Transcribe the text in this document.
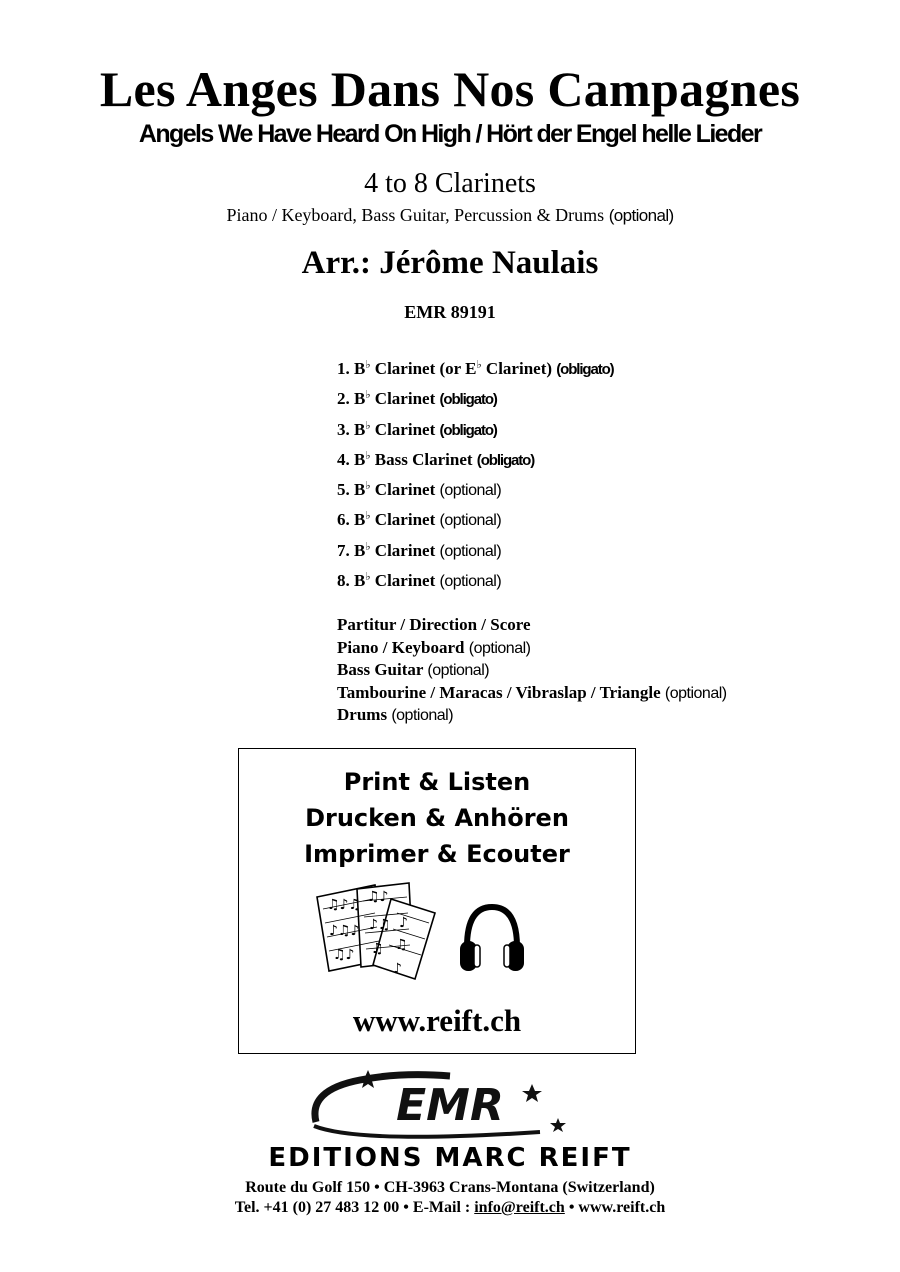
Les Anges Dans Nos Campagnes
Angels We Have Heard On High / Hört der Engel helle Lieder
4 to 8 Clarinets
Piano / Keyboard, Bass Guitar, Percussion & Drums (optional)
Arr.: Jérôme Naulais
EMR 89191
1. B♭ Clarinet (or E♭ Clarinet) (obligato)
2. B♭ Clarinet (obligato)
3. B♭ Clarinet (obligato)
4. B♭ Bass Clarinet (obligato)
5. B♭ Clarinet (optional)
6. B♭ Clarinet (optional)
7. B♭ Clarinet (optional)
8. B♭ Clarinet (optional)
Partitur / Direction / Score
Piano / Keyboard (optional)
Bass Guitar (optional)
Tambourine / Maracas / Vibraslap / Triangle (optional)
Drums (optional)
Print & Listen
Drucken & Anhören
Imprimer & Ecouter
♫♪♫
♪♫♪
♫♪
♫♪
♪♫
♫
♪
♫
♪
www.reift.ch
EMR
EDITIONS MARC REIFT
Route du Golf 150 • CH-3963 Crans-Montana (Switzerland)
Tel. +41 (0) 27 483 12 00 • E-Mail : info@reift.ch • www.reift.ch
